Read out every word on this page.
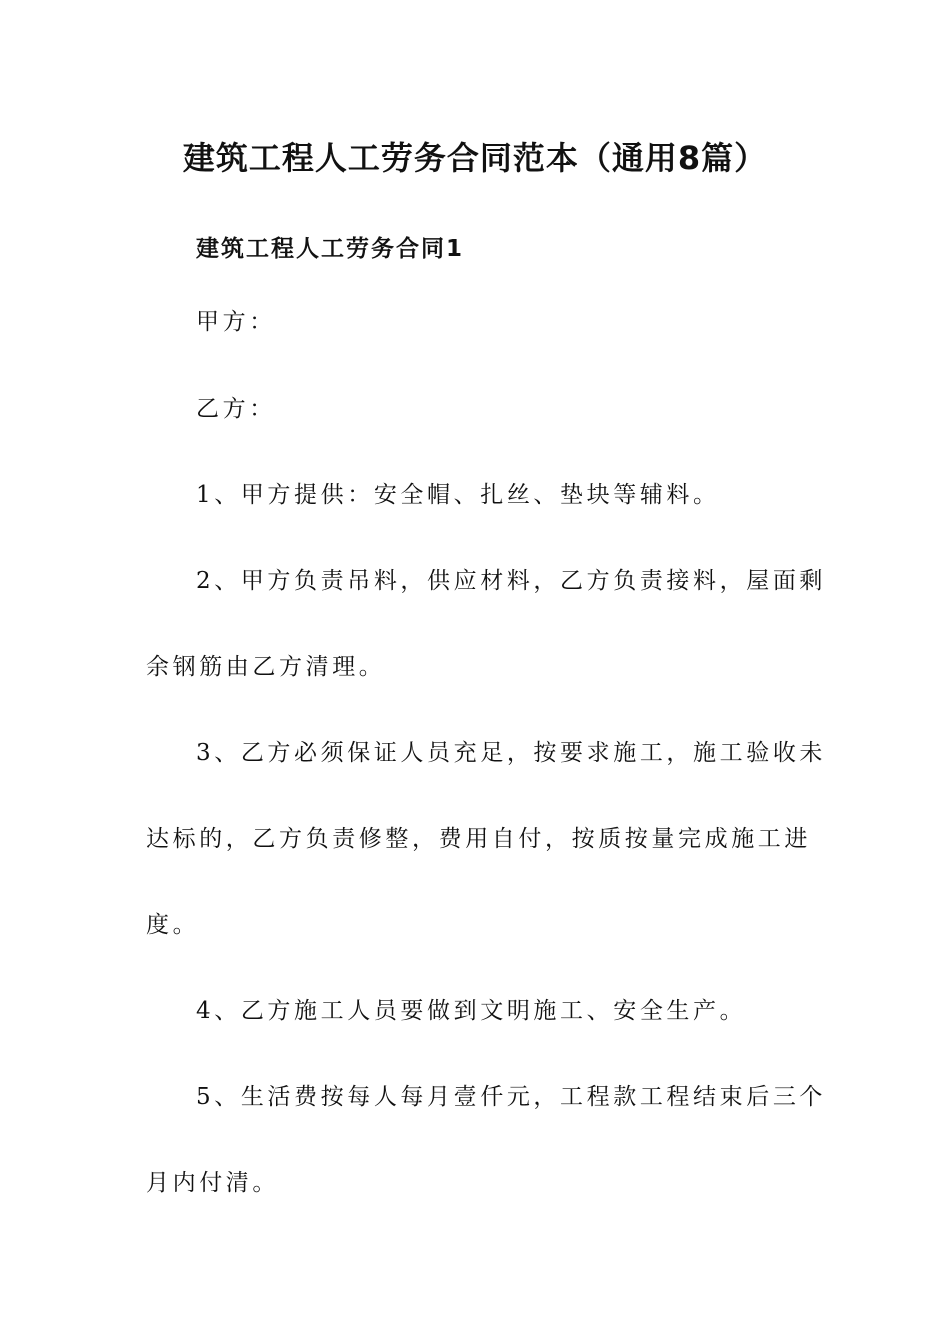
建筑工程人工劳务合同范本（通用8篇）
建筑工程人工劳务合同1
甲方：
乙方：
1、甲方提供：安全帽、扎丝、垫块等辅料。
2、甲方负责吊料，供应材料，乙方负责接料，屋面剩
余钢筋由乙方清理。
3、乙方必须保证人员充足，按要求施工，施工验收未
达标的，乙方负责修整，费用自付，按质按量完成施工进
度。
4、乙方施工人员要做到文明施工、安全生产。
5、生活费按每人每月壹仟元，工程款工程结束后三个
月内付清。
